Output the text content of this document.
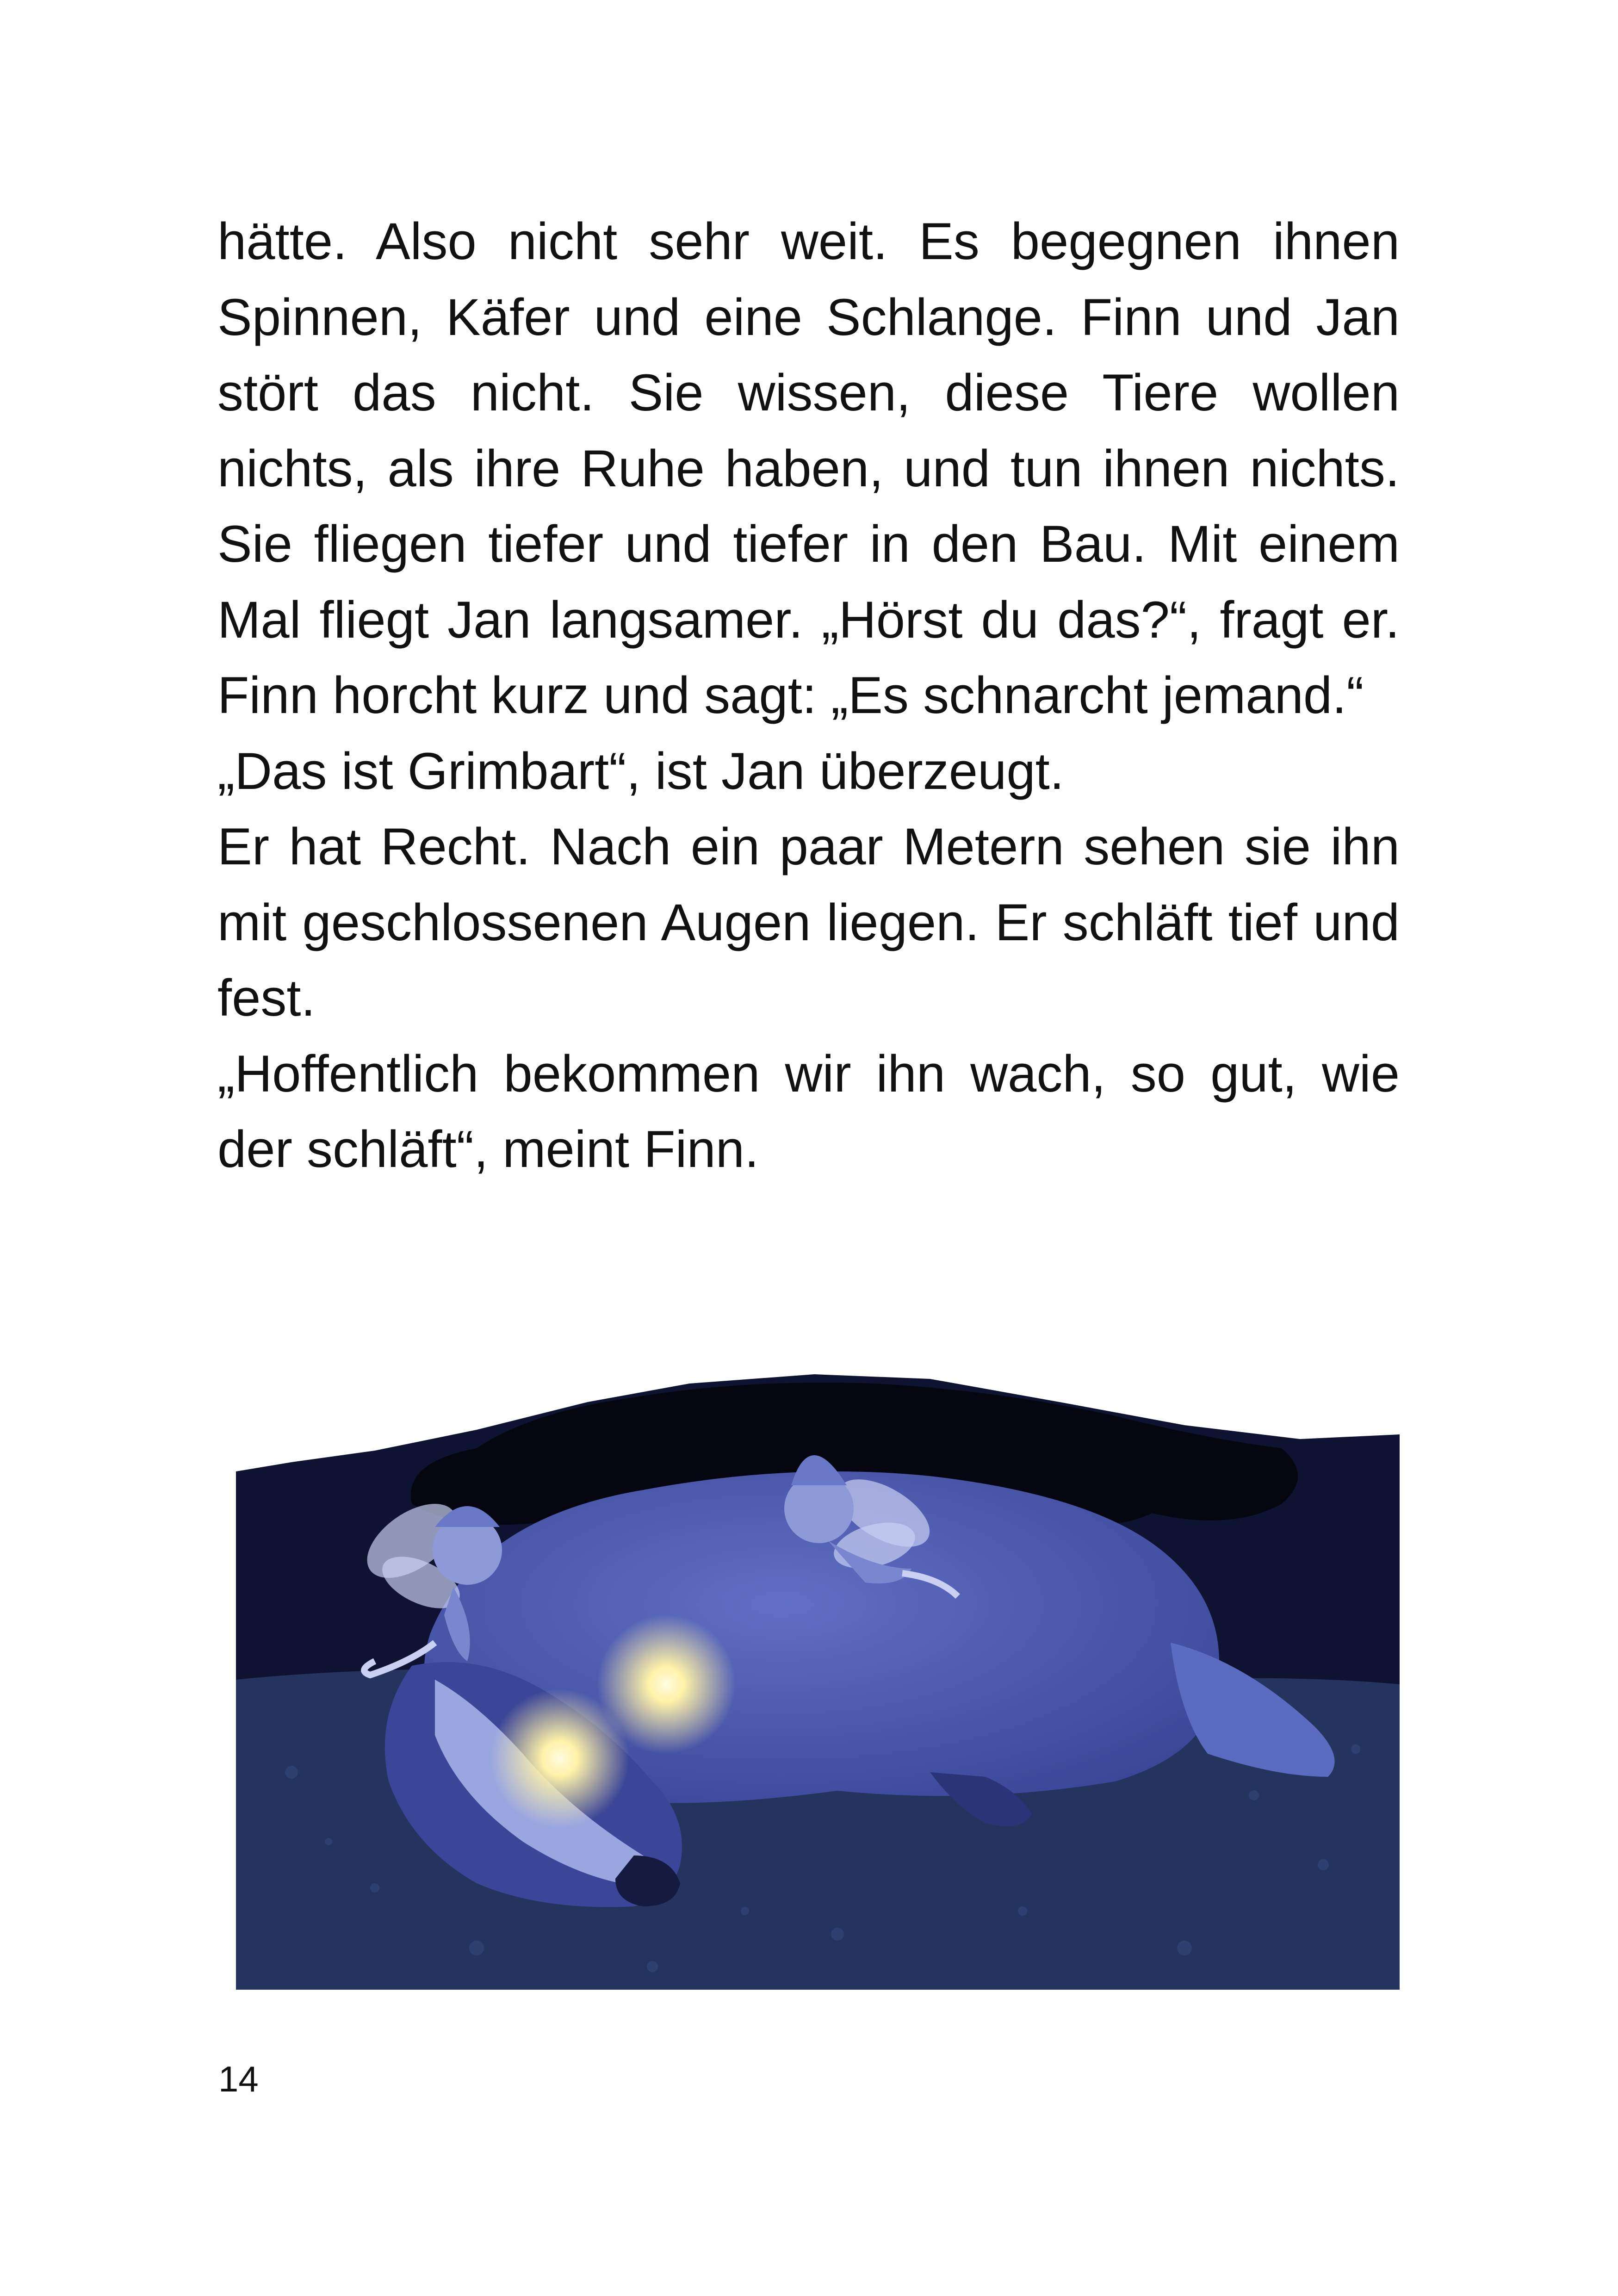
hätte. Also nicht sehr weit. Es begegnen ihnen Spinnen, Käfer und eine Schlange. Finn und Jan stört das nicht. Sie wissen, diese Tiere wollen nichts, als ihre Ruhe haben, und tun ihnen nichts. Sie fliegen tiefer und tiefer in den Bau. Mit einem Mal fliegt Jan langsamer. „Hörst du das?“, fragt er. Finn horcht kurz und sagt: „Es schnarcht jemand.“

„Das ist Grimbart“, ist Jan überzeugt.

Er hat Recht. Nach ein paar Metern sehen sie ihn mit geschlossenen Augen liegen. Er schläft tief und fest.

„Hoffentlich bekommen wir ihn wach, so gut, wie der schläft“, meint Finn.

14
